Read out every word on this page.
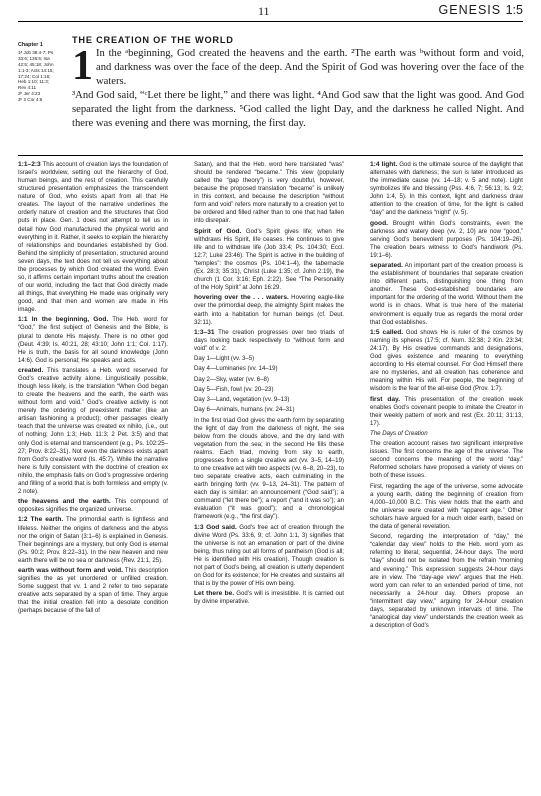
11	GENESIS 1:5
Chapter 1
1ᵃ Job 38:4-7; Ps
33:6; 136:5; Isa
42:5; 45:18; John
1:1-3; Acts 14:15;
17:24; Col 1:16;
Heb 1:10; 11:3;
Rev 4:11
2ᵇ Jer 4:23
3ᶜ 2 Cor 4:6
THE CREATION OF THE WORLD
1 In the ᵃbeginning, God created the heavens and the earth. ²The earth was ᵇwithout form and void, and darkness was over the face of the deep. And the Spirit of God was hovering over the face of the waters.

³And God said, “ᶜLet there be light,” and there was light. ⁴And God saw that the light was good. And God separated the light from the darkness. ⁵God called the light Day, and the darkness he called Night. And there was evening and there was morning, the first day.

1:1–2:3 This account of creation lays the foundation of Israel’s worldview, setting out the hierarchy of God, human beings, and the rest of creation. This carefully structured presentation emphasizes the transcendent nature of God, who exists apart from all that He creates. The layout of the narrative underlines the orderly nature of creation and the structures that God puts in place. Gen. 1 does not attempt to tell us in detail how God manufactured the physical world and everything in it. Rather, it seeks to explain the hierarchy of relationships and boundaries established by God. Behind the simplicity of presentation, structured around seven days, the text does not tell us everything about the processes by which God created the world. Even so, it affirms certain important truths about the creation of our world, including the fact that God directly made all things, that everything He made was originally very good, and that men and women are made in His image.

1:1 In the beginning, God. The Heb. word for “God,” the first subject of Genesis and the Bible, is plural to denote His majesty. There is no other god (Deut. 4:39; Is. 40:21, 28; 43:10; John 1:1; Col. 1:17). He is truth, the basis for all sound knowledge (John 14:6). God is personal; He speaks and acts.

created. This translates a Heb. word reserved for God’s creative activity alone. Linguistically possible, though less likely, is the translation “When God began to create the heavens and the earth, the earth was without form and void.” God’s creative activity is not merely the ordering of preexistent matter (like an artisan fashioning a product); other passages clearly teach that the universe was created ex nihilo, (i.e., out of nothing; John 1:3; Heb. 11:3; 2 Pet. 3:5) and that only God is eternal and transcendent (e.g., Ps. 102:25–27; Prov. 8:22–31). Not even the darkness exists apart from God’s creative word (Is. 45:7). While the narrative here is fully consistent with the doctrine of creation ex nihilo, the emphasis falls on God’s progressive ordering and filling of a world that is both formless and empty (v. 2 note).

the heavens and the earth. This compound of opposites signifies the organized universe.

1:2 The earth. The primordial earth is lightless and lifeless. Neither the origins of darkness and the abyss nor the origin of Satan (3:1–6) is explained in Genesis. Their beginnings are a mystery, but only God is eternal (Ps. 90:2; Prov. 8:22–31). In the new heaven and new earth there will be no sea or darkness (Rev. 21:1, 25).

earth was without form and void. This description signifies the as yet unordered or unfilled creation. Some suggest that vv. 1 and 2 refer to two separate creative acts separated by a span of time. They argue that the initial creation fell into a desolate condition (perhaps because of the fall of

Satan), and that the Heb. word here translated “was” should be rendered “became.” This view (popularly called the “gap theory”) is very doubtful, however, because the proposed translation “became” is unlikely in this context, and because the description “without form and void” refers more naturally to a creation yet to be ordered and filled rather than to one that had fallen into disrepair.

Spirit of God. God’s Spirit gives life; when He withdraws His Spirit, life ceases. He continues to give life and to withdraw life (Job 33:4; Ps. 104:30; Eccl. 12:7; Luke 23:46). The Spirit is active in the building of “temples”: the cosmos (Ps. 104:1–4), the tabernacle (Ex. 28:3; 35:31), Christ (Luke 1:35; cf. John 2:19), the church (1 Cor. 3:16; Eph. 2:22). See “The Personality of the Holy Spirit” at John 16:29.

hovering over the . . . waters. Hovering eagle-like over the primordial deep, the almighty Spirit makes the earth into a habitation for human beings (cf. Deut. 32:11).

1:3–31 The creation progresses over two triads of days looking back respectively to “without form and void” of v. 2:

Day 1—Light (vv. 3–5)

Day 4—Luminaries (vv. 14–19)

Day 2—Sky, water (vv. 6–8)

Day 5—Fish, fowl (vv. 20–23)

Day 3—Land, vegetation (vv. 9–13)

Day 6—Animals, humans (vv. 24–31)

In the first triad God gives the earth form by separating the light of day from the darkness of night, the sea below from the clouds above, and the dry land with vegetation from the sea; in the second He fills these realms. Each triad, moving from sky to earth, progresses from a single creative act (vv. 3–5, 14–19) to one creative act with two aspects (vv. 6–8, 20–23), to two separate creative acts, each culminating in the earth bringing forth (vv. 9–13, 24–31). The pattern of each day is similar: an announcement (“God said”); a command (“let there be”); a report (“and it was so”); an evaluation (“it was good”); and a chronological framework (e.g., “the first day”).

1:3 God said. God’s free act of creation through the divine Word (Ps. 33:6, 9; cf. John 1:1, 3) signifies that the universe is not an emanation or part of the divine being, thus ruling out all forms of pantheism (God is all; He is identified with His creation). Though creation is not part of God’s being, all creation is utterly dependent on God for its existence; for He creates and sustains all that is by the power of His own being.

Let there be. God’s will is irresistible. It is carried out by divine imperative.

1:4 light. God is the ultimate source of the daylight that alternates with darkness; the sun is later introduced as the immediate cause (vv. 14–18; v. 5 and note). Light symbolizes life and blessing (Pss. 4:6, 7; 56:13; Is. 9:2; John 1:4, 5). In this context, light and darkness draw attention to the creation of time, for the light is called “day” and the darkness “night” (v. 5).

good. Brought within God’s constraints, even the darkness and watery deep (vv. 2, 10) are now “good,” serving God’s benevolent purposes (Ps. 104:19–26). The creation bears witness to God’s handiwork (Ps. 19:1–6).

separated. An important part of the creation process is the establishment of boundaries that separate creation into different parts, distinguishing one thing from another. These God-established boundaries are important for the ordering of the world. Without them the world is in chaos. What is true here of the material environment is equally true as regards the moral order that God establishes.

1:5 called. God shows He is ruler of the cosmos by naming its spheres (17:5; cf. Num. 32:38; 2 Kin. 23:34; 24:17). By His creative commands and designations, God gives existence and meaning to everything according to His eternal counsel. For God Himself there are no mysteries, and all creation has coherence and meaning within His will. For people, the beginning of wisdom is the fear of the all-wise God (Prov. 1:7).

first day. This presentation of the creation week enables God’s covenant people to imitate the Creator in their weekly pattern of work and rest (Ex. 20:11; 31:13, 17).

The Days of Creation

The creation account raises two significant interpretive issues. The first concerns the age of the universe. The second concerns the meaning of the word “day.” Reformed scholars have proposed a variety of views on both of these issues.

First, regarding the age of the universe, some advocate a young earth, dating the beginning of creation from 4,000–10,000 B.C. This view holds that the earth and the universe were created with “apparent age.” Other scholars have argued for a much older earth, based on the data of general revelation.

Second, regarding the interpretation of “day,” the “calendar day view” holds to the Heb. word yom as referring to literal, sequential, 24-hour days. The word “day” should not be isolated from the refrain “morning and evening.” This expression suggests 24-hour days are in view. The “day-age view” argues that the Heb. word yom can refer to an extended period of time, not necessarily a 24-hour day. Others propose an “intermittent day view,” arguing for 24-hour creation days, separated by unknown intervals of time. The “analogical day view” understands the creation week as a description of God’s
